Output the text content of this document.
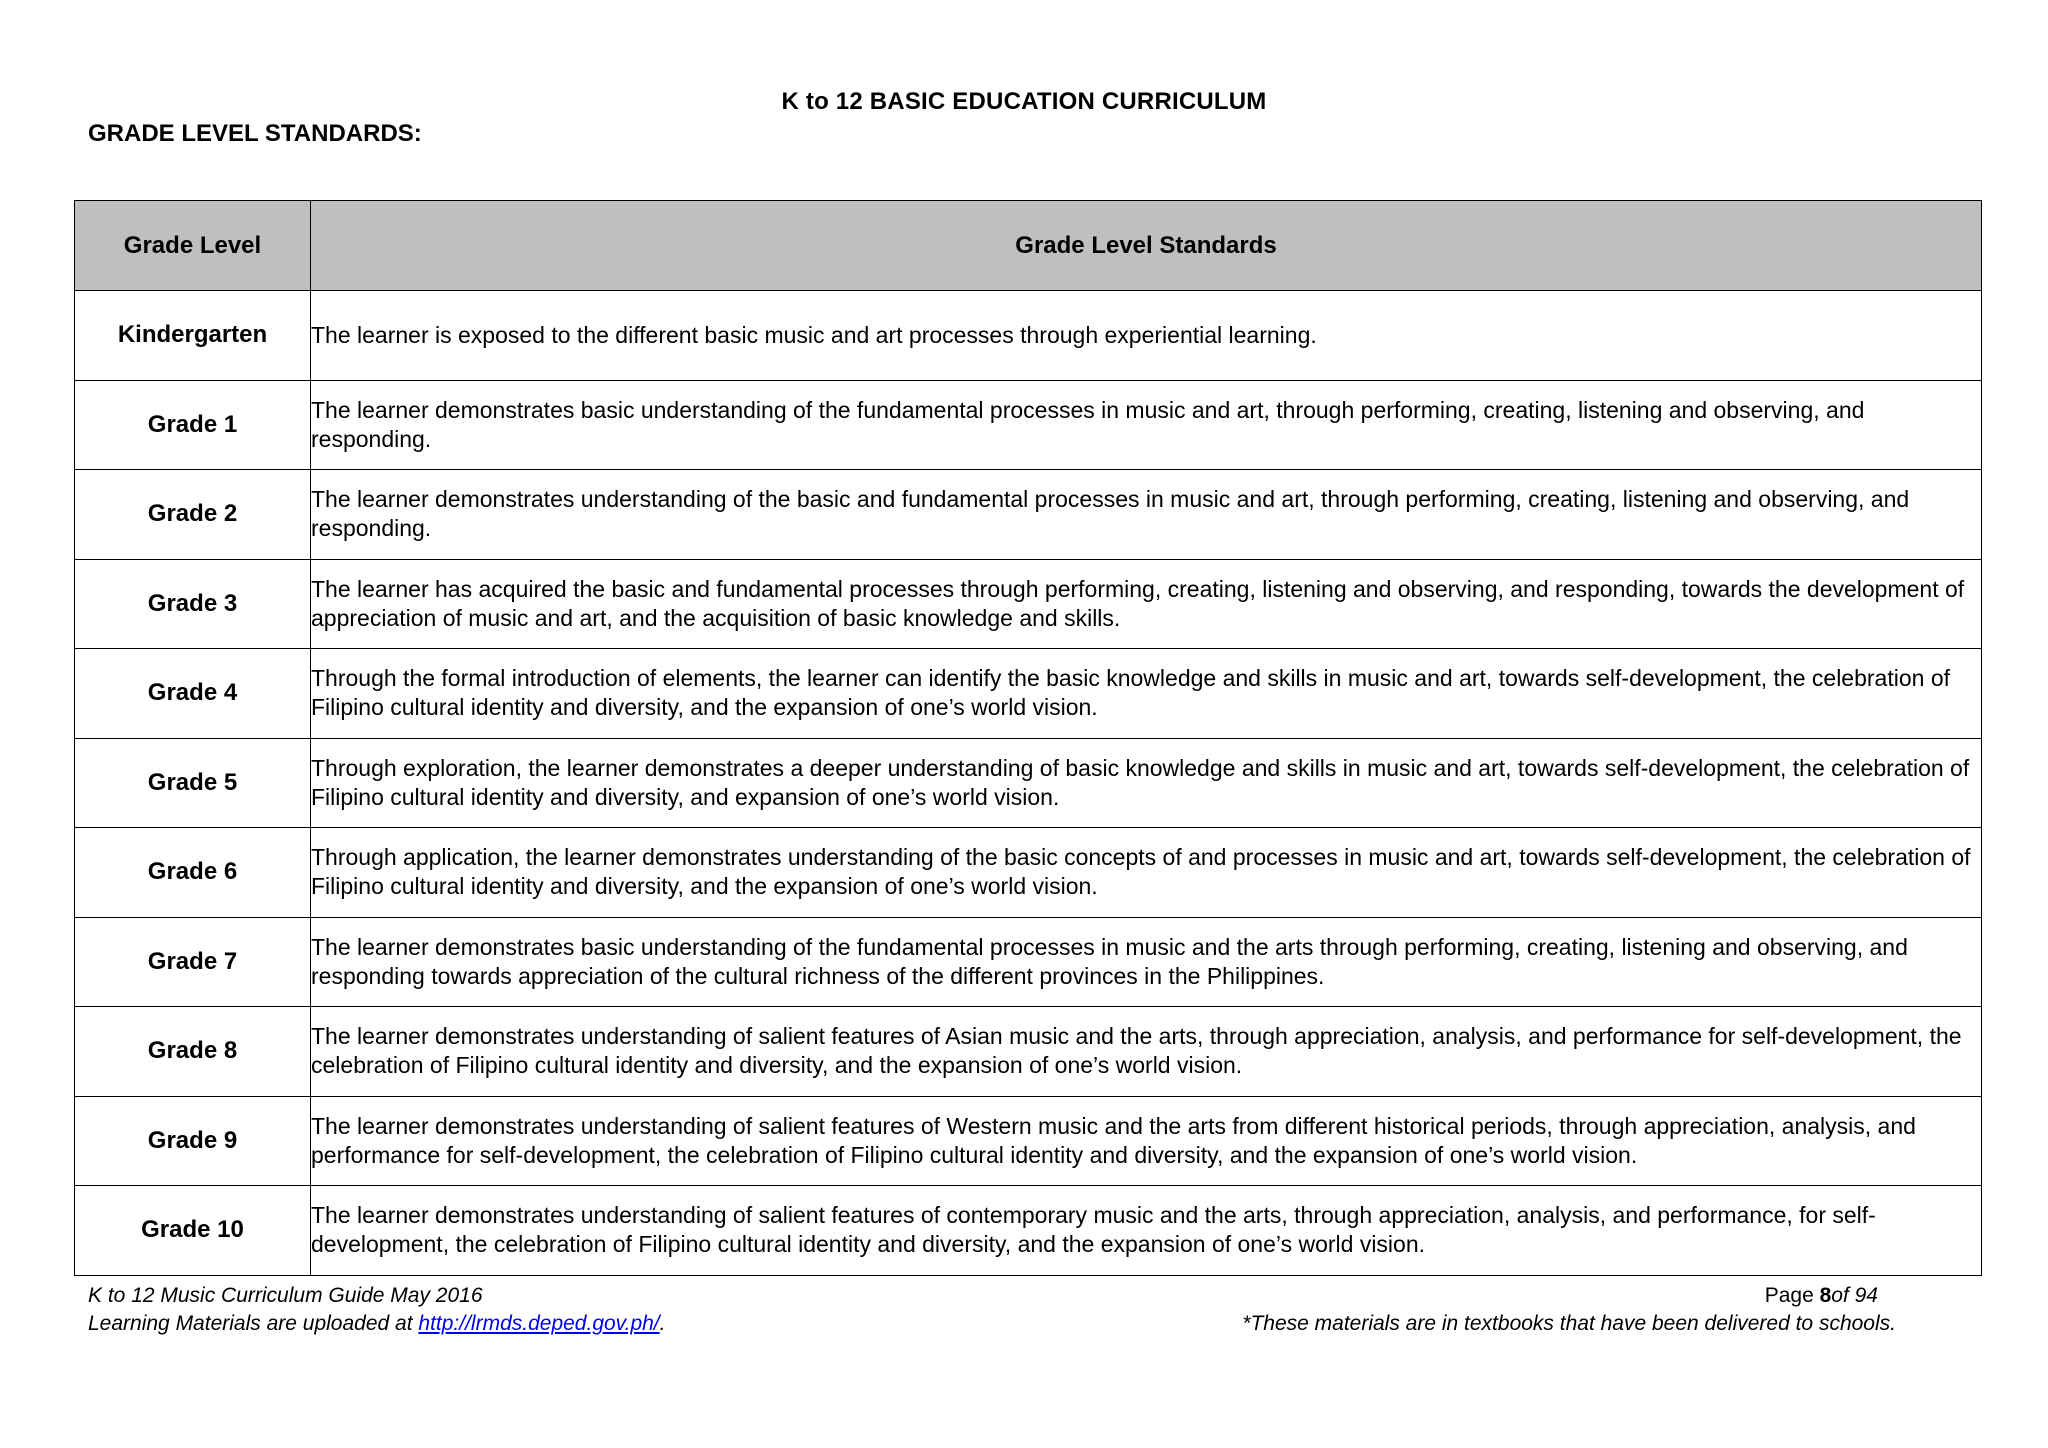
K to 12 BASIC EDUCATION CURRICULUM
GRADE LEVEL STANDARDS:
Grade Level	Grade Level Standards
Kindergarten	The learner is exposed to the different basic music and art processes through experiential learning.
Grade 1	The learner demonstrates basic understanding of the fundamental processes in music and art, through performing, creating, listening and observing, and responding.
Grade 2	The learner demonstrates understanding of the basic and fundamental processes in music and art, through performing, creating, listening and observing, and responding.
Grade 3	The learner has acquired the basic and fundamental processes through performing, creating, listening and observing, and responding, towards the development of appreciation of music and art, and the acquisition of basic knowledge and skills.
Grade 4	Through the formal introduction of elements, the learner can identify the basic knowledge and skills in music and art, towards self-development, the celebration of Filipino cultural identity and diversity, and the expansion of one’s world vision.
Grade 5	Through exploration, the learner demonstrates a deeper understanding of basic knowledge and skills in music and art, towards self-development, the celebration of Filipino cultural identity and diversity, and expansion of one’s world vision.
Grade 6	Through application, the learner demonstrates understanding of the basic concepts of and processes in music and art, towards self-development, the celebration of Filipino cultural identity and diversity, and the expansion of one’s world vision.
Grade 7	The learner demonstrates basic understanding of the fundamental processes in music and the arts through performing, creating, listening and observing, and responding towards appreciation of the cultural richness of the different provinces in the Philippines.
Grade 8	The learner demonstrates understanding of salient features of Asian music and the arts, through appreciation, analysis, and performance for self-development, the celebration of Filipino cultural identity and diversity, and the expansion of one’s world vision.
Grade 9	The learner demonstrates understanding of salient features of Western music and the arts from different historical periods, through appreciation, analysis, and performance for self-development, the celebration of Filipino cultural identity and diversity, and the expansion of one’s world vision.
Grade 10	The learner demonstrates understanding of salient features of contemporary music and the arts, through appreciation, analysis, and performance, for self-development, the celebration of Filipino cultural identity and diversity, and the expansion of one’s world vision.
K to 12 Music Curriculum Guide May 2016
Learning Materials are uploaded at http://lrmds.deped.gov.ph/.
Page 8of 94
*These materials are in textbooks that have been delivered to schools.
